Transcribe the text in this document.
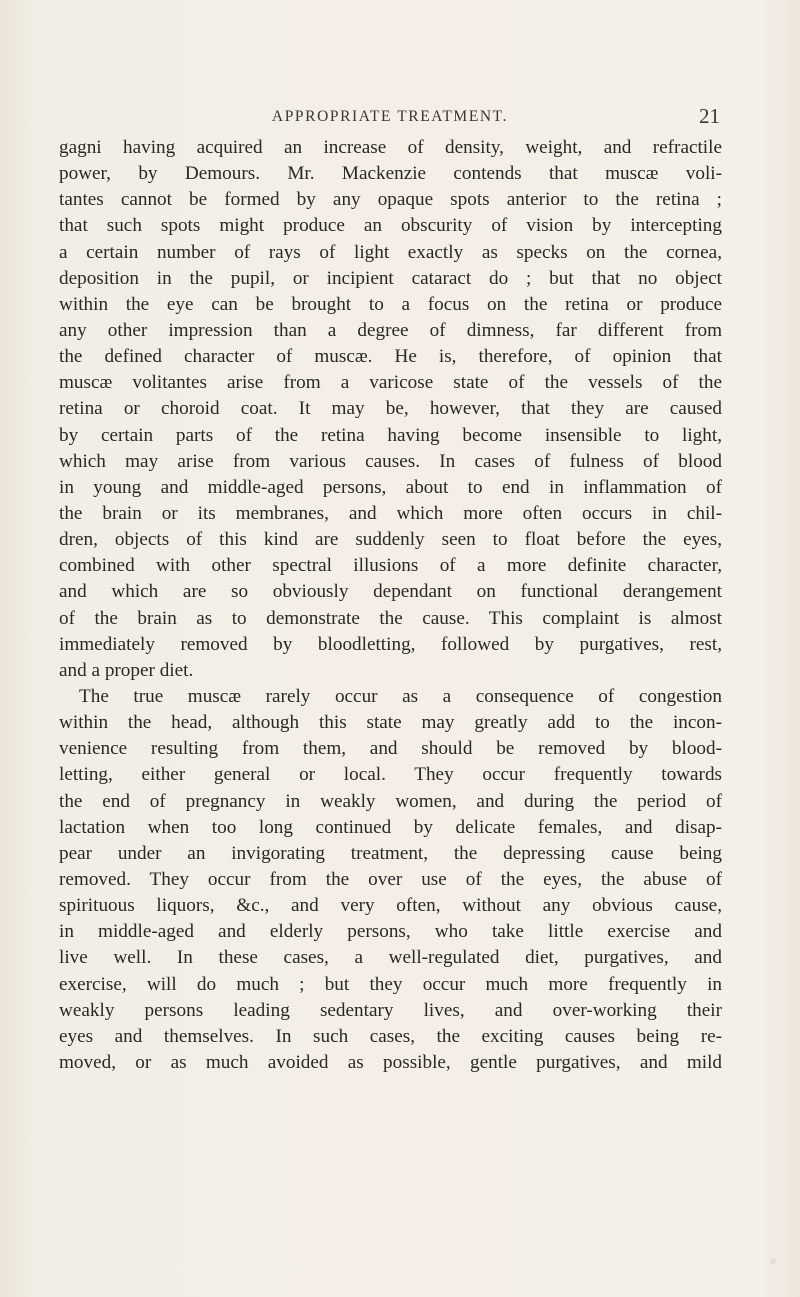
APPROPRIATE TREATMENT.	21
gagni having acquired an increase of density, weight, and refractile
power, by Demours. Mr. Mackenzie contends that muscæ voli-
tantes cannot be formed by any opaque spots anterior to the retina ;
that such spots might produce an obscurity of vision by intercepting
a certain number of rays of light exactly as specks on the cornea,
deposition in the pupil, or incipient cataract do ; but that no object
within the eye can be brought to a focus on the retina or produce
any other impression than a degree of dimness, far different from
the defined character of muscæ. He is, therefore, of opinion that
muscæ volitantes arise from a varicose state of the vessels of the
retina or choroid coat. It may be, however, that they are caused
by certain parts of the retina having become insensible to light,
which may arise from various causes. In cases of fulness of blood
in young and middle-aged persons, about to end in inflammation of
the brain or its membranes, and which more often occurs in chil-
dren, objects of this kind are suddenly seen to float before the eyes,
combined with other spectral illusions of a more definite character,
and which are so obviously dependant on functional derangement
of the brain as to demonstrate the cause. This complaint is almost
immediately removed by bloodletting, followed by purgatives, rest,
and a proper diet.
The true muscæ rarely occur as a consequence of congestion
within the head, although this state may greatly add to the incon-
venience resulting from them, and should be removed by blood-
letting, either general or local. They occur frequently towards
the end of pregnancy in weakly women, and during the period of
lactation when too long continued by delicate females, and disap-
pear under an invigorating treatment, the depressing cause being
removed. They occur from the over use of the eyes, the abuse of
spirituous liquors, &c., and very often, without any obvious cause,
in middle-aged and elderly persons, who take little exercise and
live well. In these cases, a well-regulated diet, purgatives, and
exercise, will do much ; but they occur much more frequently in
weakly persons leading sedentary lives, and over-working their
eyes and themselves. In such cases, the exciting causes being re-
moved, or as much avoided as possible, gentle purgatives, and mild
